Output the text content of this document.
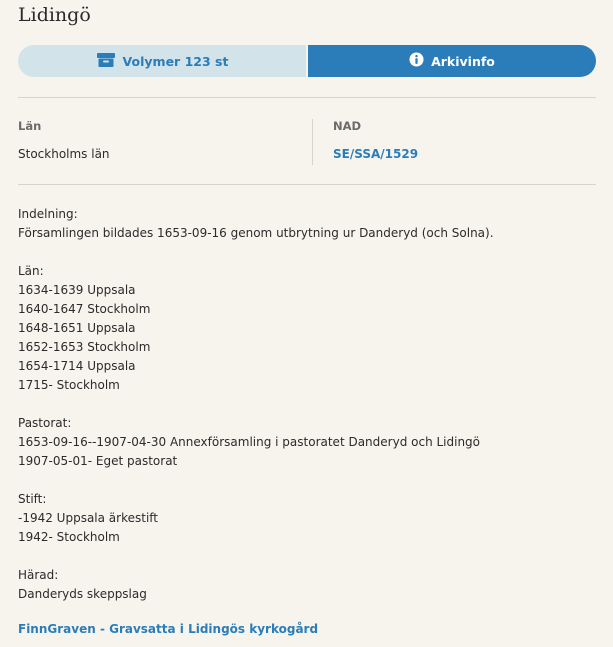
Lidingö
Volymer 123 st	Arkivinfo
Län
Stockholms län
NAD
SE/SSA/1529
Indelning:
Församlingen bildades 1653-09-16 genom utbrytning ur Danderyd (och Solna).
Län:
1634-1639 Uppsala
1640-1647 Stockholm
1648-1651 Uppsala
1652-1653 Stockholm
1654-1714 Uppsala
1715- Stockholm
Pastorat:
1653-09-16--1907-04-30 Annexförsamling i pastoratet Danderyd och Lidingö
1907-05-01- Eget pastorat
Stift:
-1942 Uppsala ärkestift
1942- Stockholm
Härad:
Danderyds skeppslag
FinnGraven - Gravsatta i Lidingös kyrkogård
